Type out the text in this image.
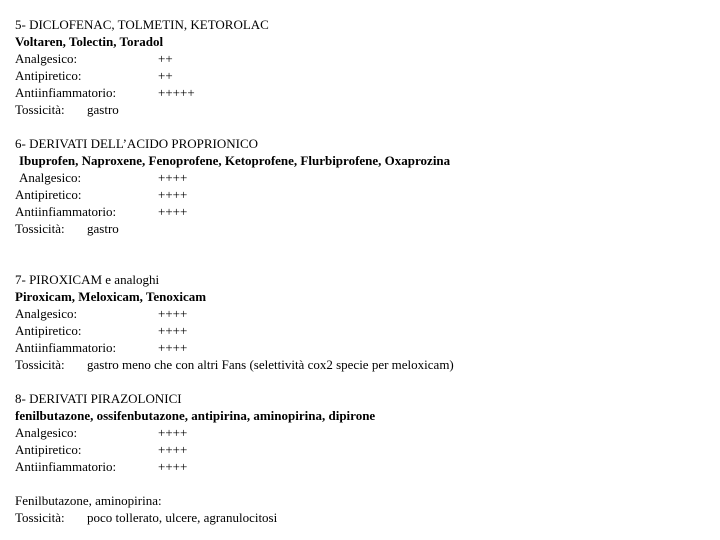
5- DICLOFENAC, TOLMETIN, KETOROLAC
Voltaren, Tolectin, Toradol
Analgesico:	++
Antipiretico:	++
Antiinfiammatorio:	+++++
Tossicità: gastro
6- DERIVATI DELL’ACIDO PROPRIONICO
Ibuprofen, Naproxene, Fenoprofene, Ketoprofene, Flurbiprofene, Oxaprozina
Analgesico:	++++
Antipiretico:	++++
Antiinfiammatorio:	++++
Tossicità: gastro
7- PIROXICAM e analoghi
Piroxicam, Meloxicam, Tenoxicam
Analgesico:	++++
Antipiretico:	++++
Antiinfiammatorio:	++++
Tossicità: gastro meno che con altri Fans (selettività cox2 specie per meloxicam)
8- DERIVATI PIRAZOLONICI
fenilbutazone, ossifenbutazone, antipirina, aminopirina, dipirone
Analgesico:	++++
Antipiretico:	++++
Antiinfiammatorio:	++++
Fenilbutazone, aminopirina:
Tossicità: poco tollerato, ulcere, agranulocitosi
